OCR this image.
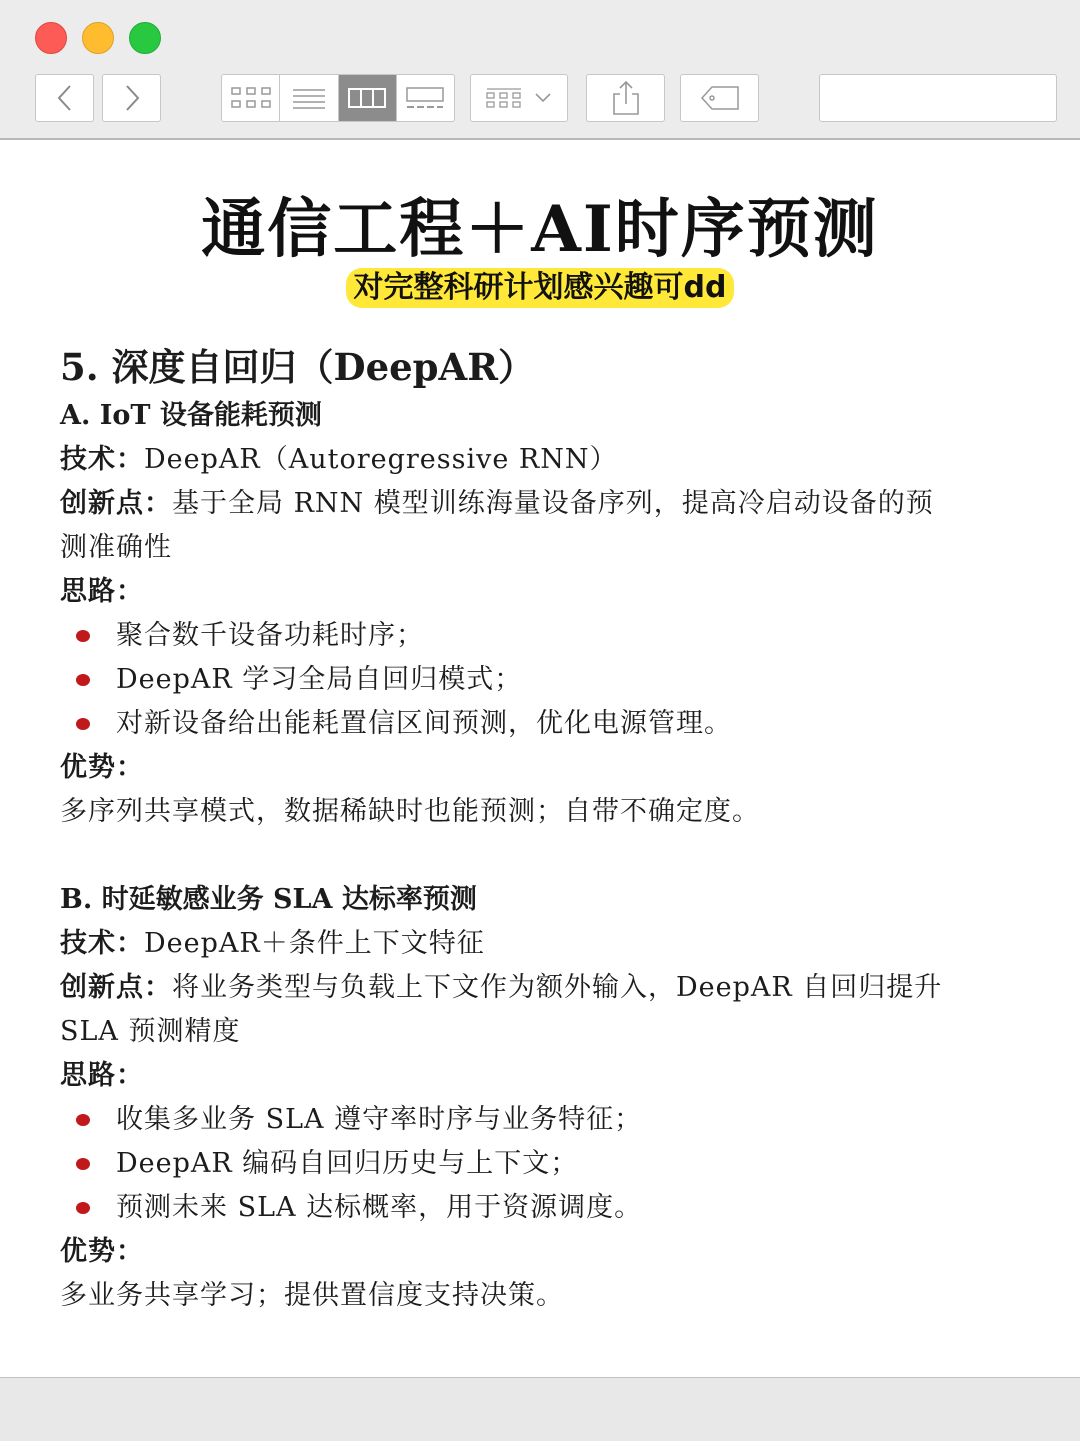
通信工程＋AI时序预测
对完整科研计划感兴趣可dd

5. 深度自回归（DeepAR）

A. IoT 设备能耗预测

技术：DeepAR（Autoregressive RNN）

创新点：基于全局 RNN 模型训练海量设备序列，提高冷启动设备的预

测准确性

思路：

聚合数千设备功耗时序；
DeepAR 学习全局自回归模式；
对新设备给出能耗置信区间预测，优化电源管理。

优势：

多序列共享模式，数据稀缺时也能预测；自带不确定度。

B. 时延敏感业务 SLA 达标率预测

技术：DeepAR＋条件上下文特征

创新点：将业务类型与负载上下文作为额外输入，DeepAR 自回归提升

SLA 预测精度

思路：

收集多业务 SLA 遵守率时序与业务特征；
DeepAR 编码自回归历史与上下文；
预测未来 SLA 达标概率，用于资源调度。

优势：

多业务共享学习；提供置信度支持决策。
